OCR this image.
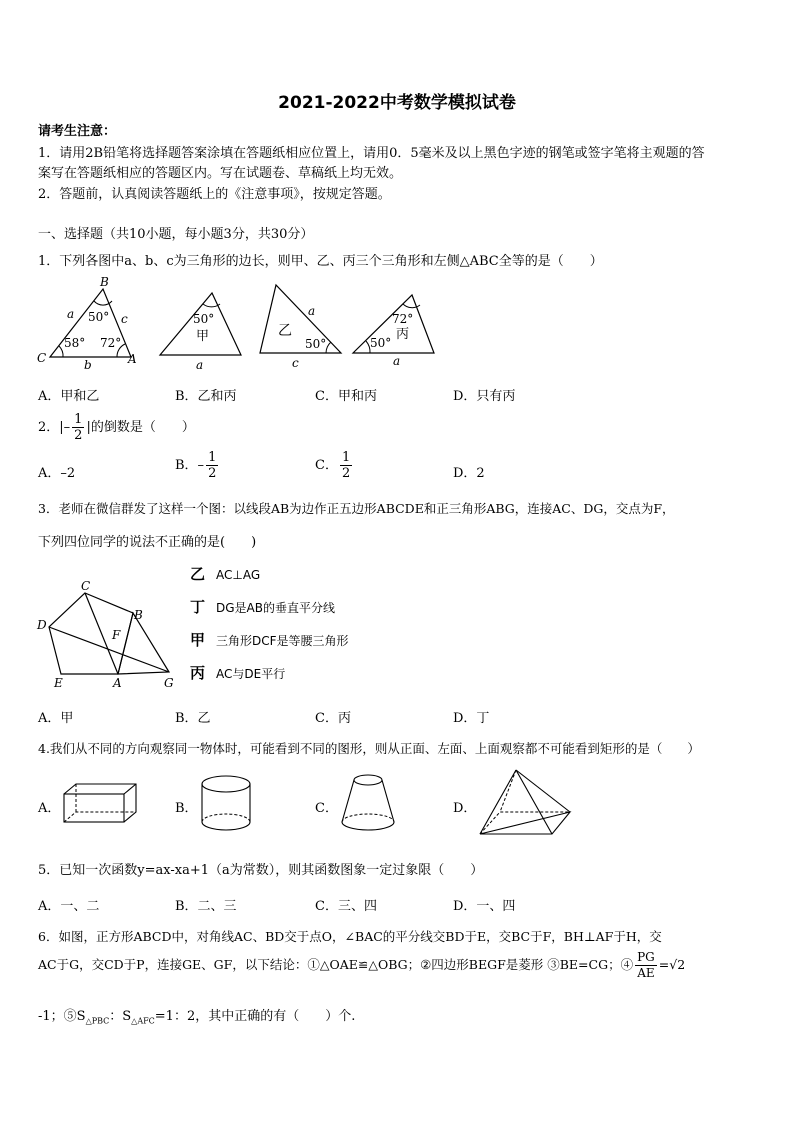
2021-2022中考数学模拟试卷
请考生注意：
1．请用2B铅笔将选择题答案涂填在答题纸相应位置上，请用0．5毫米及以上黑色字迹的钢笔或签字笔将主观题的答
案写在答题纸相应的答题区内。写在试题卷、草稿纸上均无效。
2．答题前，认真阅读答题纸上的《注意事项》，按规定答题。
一、选择题（共10小题，每小题3分，共30分）
1．下列各图中a、b、c为三角形的边长，则甲、乙、丙三个三角形和左侧△ABC全等的是（　　）
B
a	c
50°
C
58° 72°
A
b
50°
甲
a
乙
a
50°
c
72°
丙
50°
a
A．甲和乙	B．乙和丙	C．甲和丙	D．只有丙
2．|– $\frac{1}{2}$ |的倒数是（　　）
A．–2
B．– $\frac{1}{2}$	C． $\frac{1}{2}$	D．2
3．老师在微信群发了这样一个图：以线段AB为边作正五边形ABCDE和正三角形ABG，连接AC、DG，交点为F，
下列四位同学的说法不正确的是(　　)
C
B
D
F
G
E	A
乙 AC⊥AG
丁 DG是AB的垂直平分线
甲 三角形DCF是等腰三角形
丙 AC与DE平行
A．甲	B．乙	C．丙	D．丁
4.我们从不同的方向观察同一物体时，可能看到不同的图形，则从正面、左面、上面观察都不可能看到矩形的是（　　）
A．	B．	C．	D．
5．已知一次函数y=ax-xa+1（a为常数），则其函数图象一定过象限（　　）
A．一、二	B．二、三	C．三、四	D．一、四
6．如图，正方形ABCD中，对角线AC、BD交于点O，∠BAC的平分线交BD于E，交BC于F，BH⊥AF于H，交
AC于G，交CD于P，连接GE、GF，以下结论：①△OAE≌△OBG；②四边形BEGF是菱形 ③BE=CG；④ $\frac{PG}{AE} =√2$
-1；$⑤S_{\triangle PBC}$：$S_{\triangle AFC}=1$：2，其中正确的有（　　）个.
